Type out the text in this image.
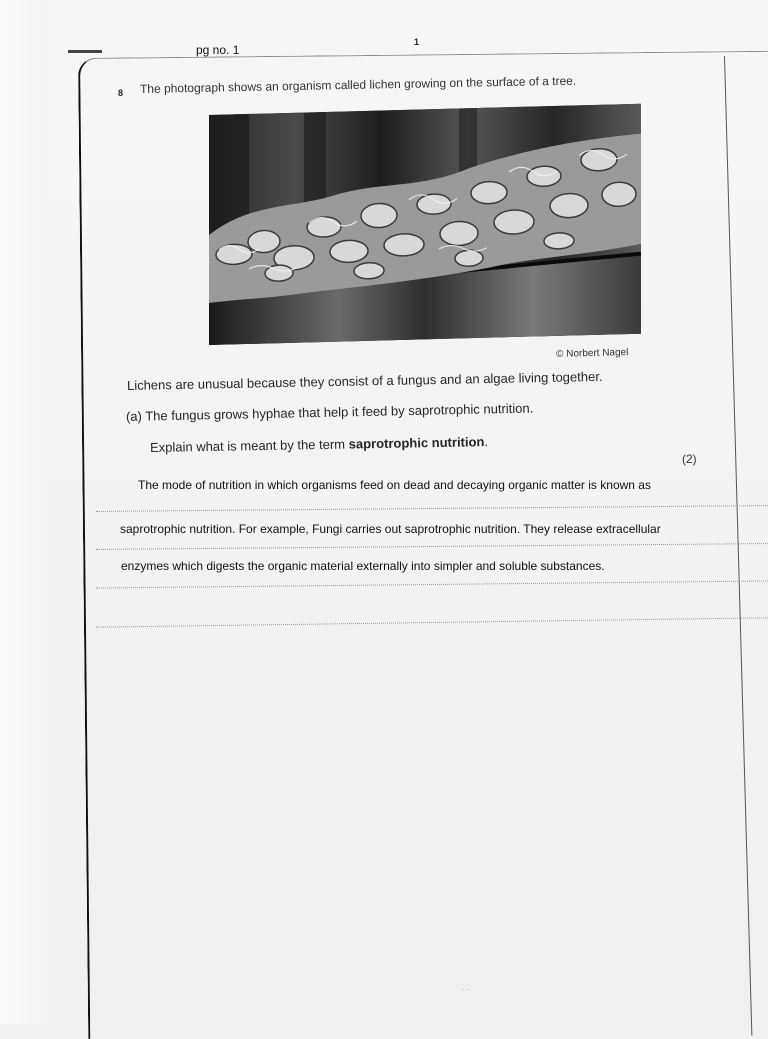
pg no. 1
1
8 The photograph shows an organism called lichen growing on the surface of a tree.
© Norbert Nagel
Lichens are unusual because they consist of a fungus and an algae living together.
(a) The fungus grows hyphae that help it feed by saprotrophic nutrition.
Explain what is meant by the term saprotrophic nutrition.
(2)
The mode of nutrition in which organisms feed on dead and decaying organic matter is known as
saprotrophic nutrition. For example, Fungi carries out saprotrophic nutrition. They release extracellular
enzymes which digests the organic material externally into simpler and soluble substances.
· ·
